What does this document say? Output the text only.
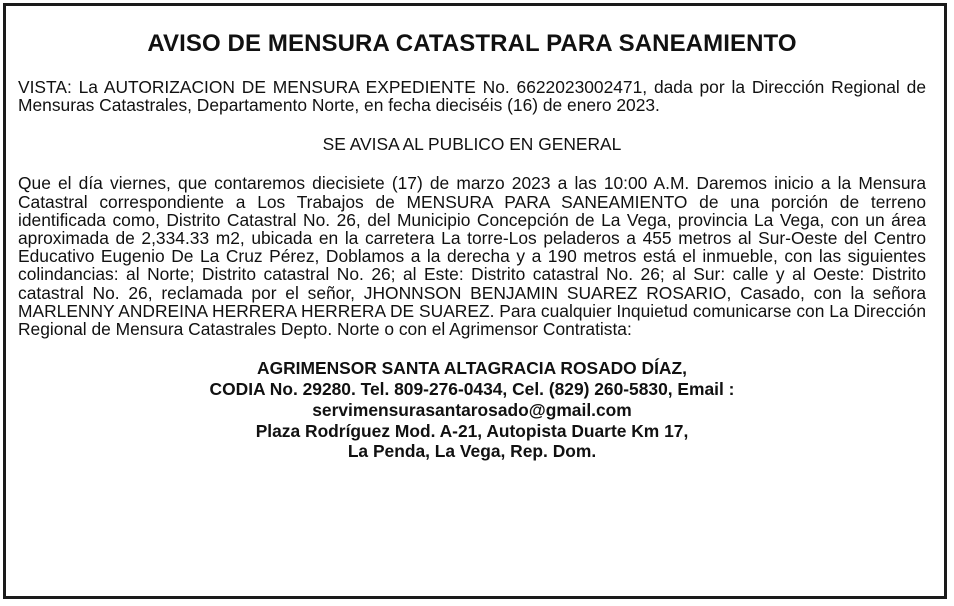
AVISO DE MENSURA CATASTRAL PARA SANEAMIENTO

VISTA: La AUTORIZACION DE MENSURA EXPEDIENTE No. 6622023002471, dada por la Dirección Regional de Mensuras Catastrales, Departamento Norte, en fecha dieciséis (16) de enero 2023.

SE AVISA AL PUBLICO EN GENERAL

Que el día viernes, que contaremos diecisiete (17) de marzo 2023 a las 10:00 A.M. Daremos inicio a la Mensura Catastral correspondiente a Los Trabajos de MENSURA PARA SANEAMIENTO de una porción de terreno identificada como, Distrito Catastral No. 26, del Municipio Concepción de La Vega, provincia La Vega, con un área aproximada de 2,334.33 m2, ubicada en la carretera La torre-Los peladeros a 455 metros al Sur-Oeste del Centro Educativo Eugenio De La Cruz Pérez, Doblamos a la derecha y a 190 metros está el inmueble, con las siguientes colindancias: al Norte; Distrito catastral No. 26; al Este: Distrito catastral No. 26; al Sur: calle y al Oeste: Distrito catastral No. 26, reclamada por el señor, JHONNSON BENJAMIN SUAREZ ROSARIO, Casado, con la señora MARLENNY ANDREINA HERRERA HERRERA DE SUAREZ. Para cualquier Inquietud comunicarse con La Dirección Regional de Mensura Catastrales Depto. Norte o con el Agrimensor Contratista:

AGRIMENSOR SANTA ALTAGRACIA ROSADO DÍAZ,
CODIA No. 29280. Tel. 809-276-0434, Cel. (829) 260-5830, Email :
servimensurasantarosado@gmail.com
Plaza Rodríguez Mod. A-21, Autopista Duarte Km 17,
La Penda, La Vega, Rep. Dom.
